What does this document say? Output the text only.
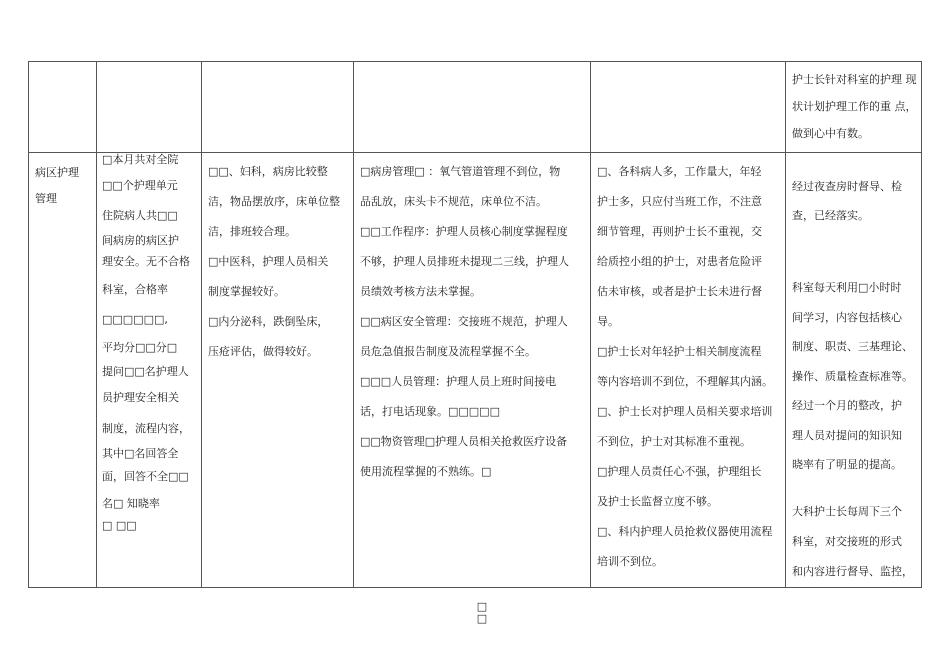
护士长针对科室的护理 现

状计划护理工作的重 点，

做到心中有数。

病区护理

管理

□本月共对全院

□□个护理单元

住院病人共□□

间病房的病区护

理安全。无不合格

科室，合格率

□□□□□□,

平均分□□分□

提问□□名护理人

员护理安全相关

制度，流程内容，

其中□名回答全

面，回答不全□□

名□ 知晓率

□ □□

□□、妇科，病房比较整

洁，物品摆放序，床单位整

洁，排班较合理。

□中医科，护理人员相关

制度掌握较好。

□内分泌科，跌倒坠床，

压疮评估，做得较好。

□病房管理□ ：氧气管道管理不到位，物

品乱放，床头卡不规范，床单位不洁。

□□工作程序：护理人员核心制度掌握程度

不够，护理人员排班未提现二三线，护理人

员绩效考核方法未掌握。

□□病区安全管理：交接班不规范，护理人

员危急值报告制度及流程掌握不全。

□□□人员管理：护理人员上班时间接电

话，打电话现象。□□□□□

□□物资管理□护理人员相关抢救医疗设备

使用流程掌握的不熟练。□

□、各科病人多，工作量大，年轻

护士多，只应付当班工作，不注意

细节管理，再则护士长不重视，交

给质控小组的护士，对患者危险评

估未审核，或者是护士长未进行督

导。

□护士长对年轻护士相关制度流程

等内容培训不到位，不理解其内涵。

□、护士长对护理人员相关要求培训

不到位，护士对其标准不重视。

□护理人员责任心不强，护理组长

及护士长监督立度不够。

□、科内护理人员抢救仪器使用流程

培训不到位。

经过夜查房时督导、检

查，已经落实。

科室每天利用□小时时

间学习，内容包括核心

制度、职责、三基理论、

操作、质量检查标准等。

经过一个月的整改，护

理人员对提问的知识知

晓率有了明显的提高。

大科护士长每周下三个

科室，对交接班的形式

和内容进行督导、监控，

□
□
